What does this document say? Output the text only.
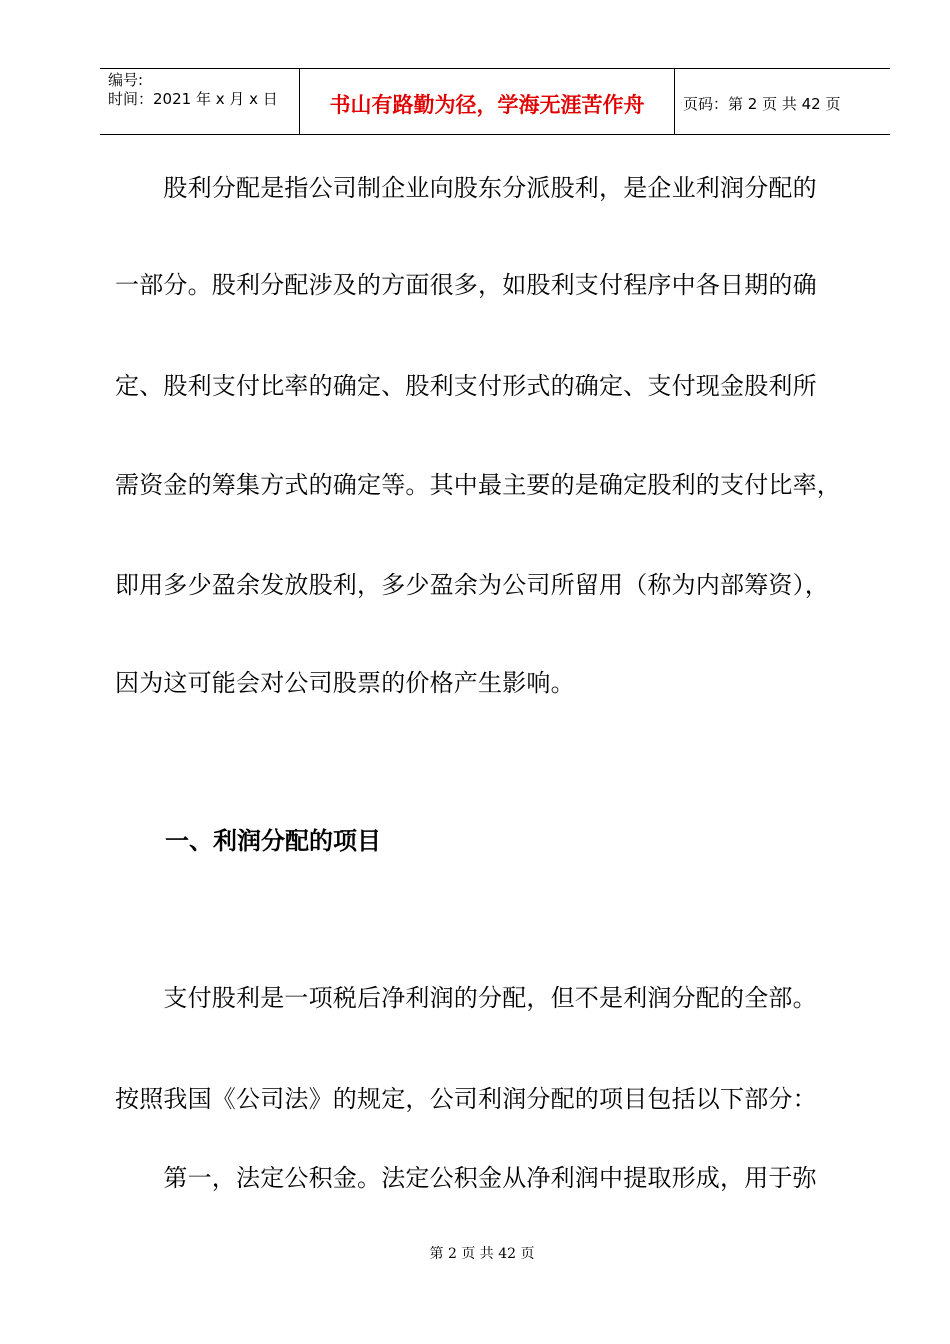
编号:
时间：2021 年 x 月 x 日	书山有路勤为径，学海无涯苦作舟	页码：第 2 页 共 42 页
　　股利分配是指公司制企业向股东分派股利，是企业利润分配的
一部分。股利分配涉及的方面很多，如股利支付程序中各日期的确
定、股利支付比率的确定、股利支付形式的确定、支付现金股利所
需资金的筹集方式的确定等。其中最主要的是确定股利的支付比率，
即用多少盈余发放股利，多少盈余为公司所留用（称为内部筹资），
因为这可能会对公司股票的价格产生影响。
一、利润分配的项目
　　支付股利是一项税后净利润的分配，但不是利润分配的全部。
按照我国《公司法》的规定，公司利润分配的项目包括以下部分：
　　第一，法定公积金。法定公积金从净利润中提取形成，用于弥
第 2 页 共 42 页
